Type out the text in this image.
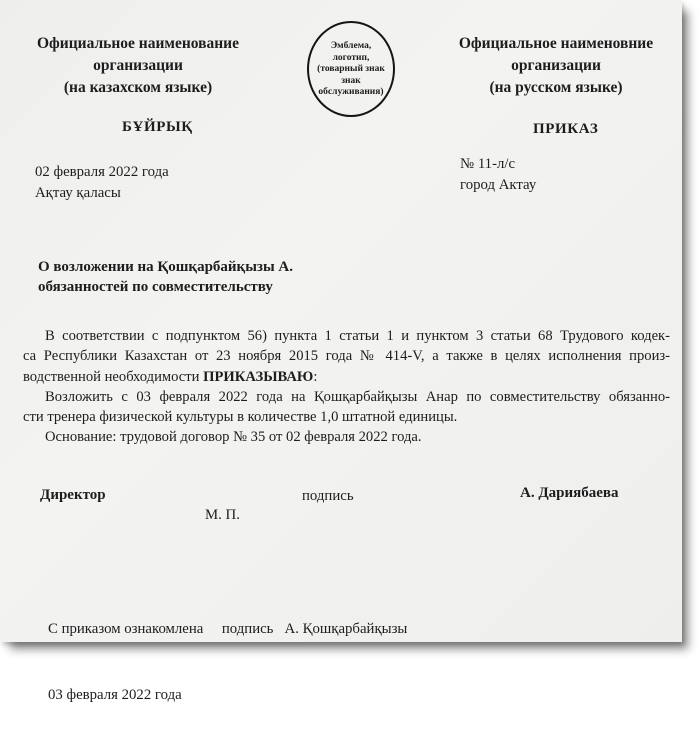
Официальное наименование
организации
(на казахском языке)
Эмблема,
логотип,
(товарный знак
знак
обслуживания)
Официальное наименовние
организации
(на русском языке)
БҰЙРЫҚ	ПРИКАЗ
02 февраля 2022 года
Ақтау қаласы
№ 11-л/с
город Актау
О возложении на Қошқарбайқызы А.
обязанностей по совместительству
В соответствии с подпунктом 56) пункта 1 статьи 1 и пунктом 3 статьи 68 Трудового кодек-
са Республики Казахстан от 23 ноября 2015 года № 414-V, а также в целях исполнения произ-
водственной необходимости ПРИКАЗЫВАЮ:
Возложить с 03 февраля 2022 года на Қошқарбайқызы Анар по совместительству обязанно-
сти тренера физической культуры в количестве 1,0 штатной единицы.
Основание: трудовой договор № 35 от 02 февраля 2022 года.
Директор	подпись	А. Дариябаева
М. П.

С приказом ознакомлена     подпись   А. Қошқарбайқызы

03 февраля 2022 года
